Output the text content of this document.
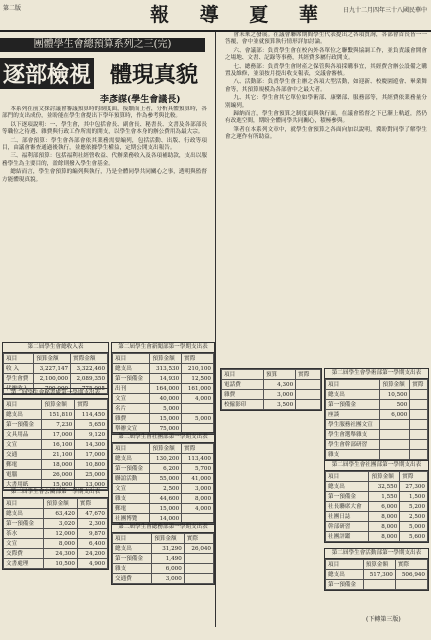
第二版	報 導 夏 華 日九十二月四年三十八國民華中
團體學生會總預算系列之三(完)
逐部檢視 體現真貌
李彥謀(學生會議長)

本系列在前文探討議會審議預算時的制度面，接續而上者，分析具體預算時，各部門的支出成份，並盼能在學生會提出下學年預算時，作為參考與比較。

以下逐項說明：一、學生會，其中包括會長、副會長、秘書長、文書及各部部長等職位之待遇、雜費與行政工作所需的開支，以學生會本身的辦公費用為最大宗。

二、部會預算：學生會各部會依其業務需要編列，包括活動、出版、行政等項目，由議會審查通過後執行，並應依據學生權益，定期公開支出報告。

三、福利部預算：包括福利社經營收益、代辦業務收入及各項補助款，支出以服務學生為主要目的，盈餘則撥入學生會基金。

總結而言，學生會預算的編列與執行，乃是全體同學共同關心之事，透明與監督方能體現真貌。

會未來之發展。在議會聯席期間學生代表提出之各項質詢，各部會首長皆一一答覆，會中並就預算執行情形詳加討論。

六、會議部：負責學生會在校內外各單位之聯繫與協調工作，並負責議會開會之場地、文書、記錄等事務，其經費多屬行政開支。

七、總務部：負責學生會財產之保管與各項採購事宜，其經費含辦公設備之購置及維修，並須按月提出收支報表，交議會審核。

八、活動部：負責學生會主辦之各項大型活動，如迎新、校慶園遊會、畢業舞會等，其預算規模為各部會中之最大者。

九、其它：學生會其它單位如學術部、康樂部、服務部等，其經費依業務量分別編列。

歸納而言，學生會預算之制度面與執行面，在議會監督之下已漸上軌道，然仍有改進空間，期盼全體同學共同關心，積極參與。

筆者在本系列文章中，就學生會預算之各面向加以說明，冀盼對同學了解學生會之運作有所助益。

第二屆學生會總收入表
項目	預算金額	實際金額
收 入	3,227,147	3,322,460
學生會費	2,100,000	2,089,350
代辦收入	700,000	775,005
第二屆學生會秘書處第一學期支出表
項目	預算金額	實際
總支出	151,810	114,450
第一預備金	7,230	5,650
文具用品	17,000	9,120
文宣	16,100	14,300
交通	21,100	17,000
郵電	18,000	10,800
電腦	26,000	25,000
大書用紙	15,000	13,000
第二屆學生會公關部第一學期支出表
項目	預算金額	實際
總支出	63,420	47,670
第一預備金	3,020	2,300
茶水	12,000	9,870
文宣	8,000	6,400
交際費	24,300	24,200
文書處理	10,500	4,900
第二屆學生會新聞部第一學期支出表
項目	預算金額	實際
總支出	313,530	210,100
第一預備金	14,930	12,500
出刊	164,000	161,000
文宣	40,000	4,000
名片	5,000	
雜費	15,000	5,000
舉辦文宣	75,000	
第二屆學生會社團部第一學期支出表
項目	預算金額	實際
總支出	130,200	113,400
第一預備金	6,200	5,700
聯誼活動	55,000	41,000
文宣	2,500	3,000
雜支	44,600	8,000
郵電	15,000	4,000
社團博覽	14,000	
第二屆學生會總務部第一學期支出表
項目	預算金額	實際
總支出	31,290	26,040
第一預備金	1,490	
雜支	6,000	
交通費	3,000	
項目	預算	實際
電話費	4,300	
雜費	3,000	
校僱影印	3,500	
第二屆學生會學術部第一學期支出表
項目	預算金額	實際
總支出	10,500	
第一預備金	500	
座談	6,000	
學生服務社團文宣		
學生會選舉雜支		
學生會幹部研習		
雜支		
第二屆學生會社團部第一學期支出表
項目	預算金額	實際
總支出	32,550	27,300
第一預備金	1,550	1,500
社長聯席大會	6,000	5,200
社團日誌	8,000	2,500
幹部研習	8,000	5,000
社團評鑑	8,000	5,600
第二屆學生會活動部第一學期支出表
項目	預算金額	實際
總支出	517,300	506,940
第一預備金		
(下轉第三版)
